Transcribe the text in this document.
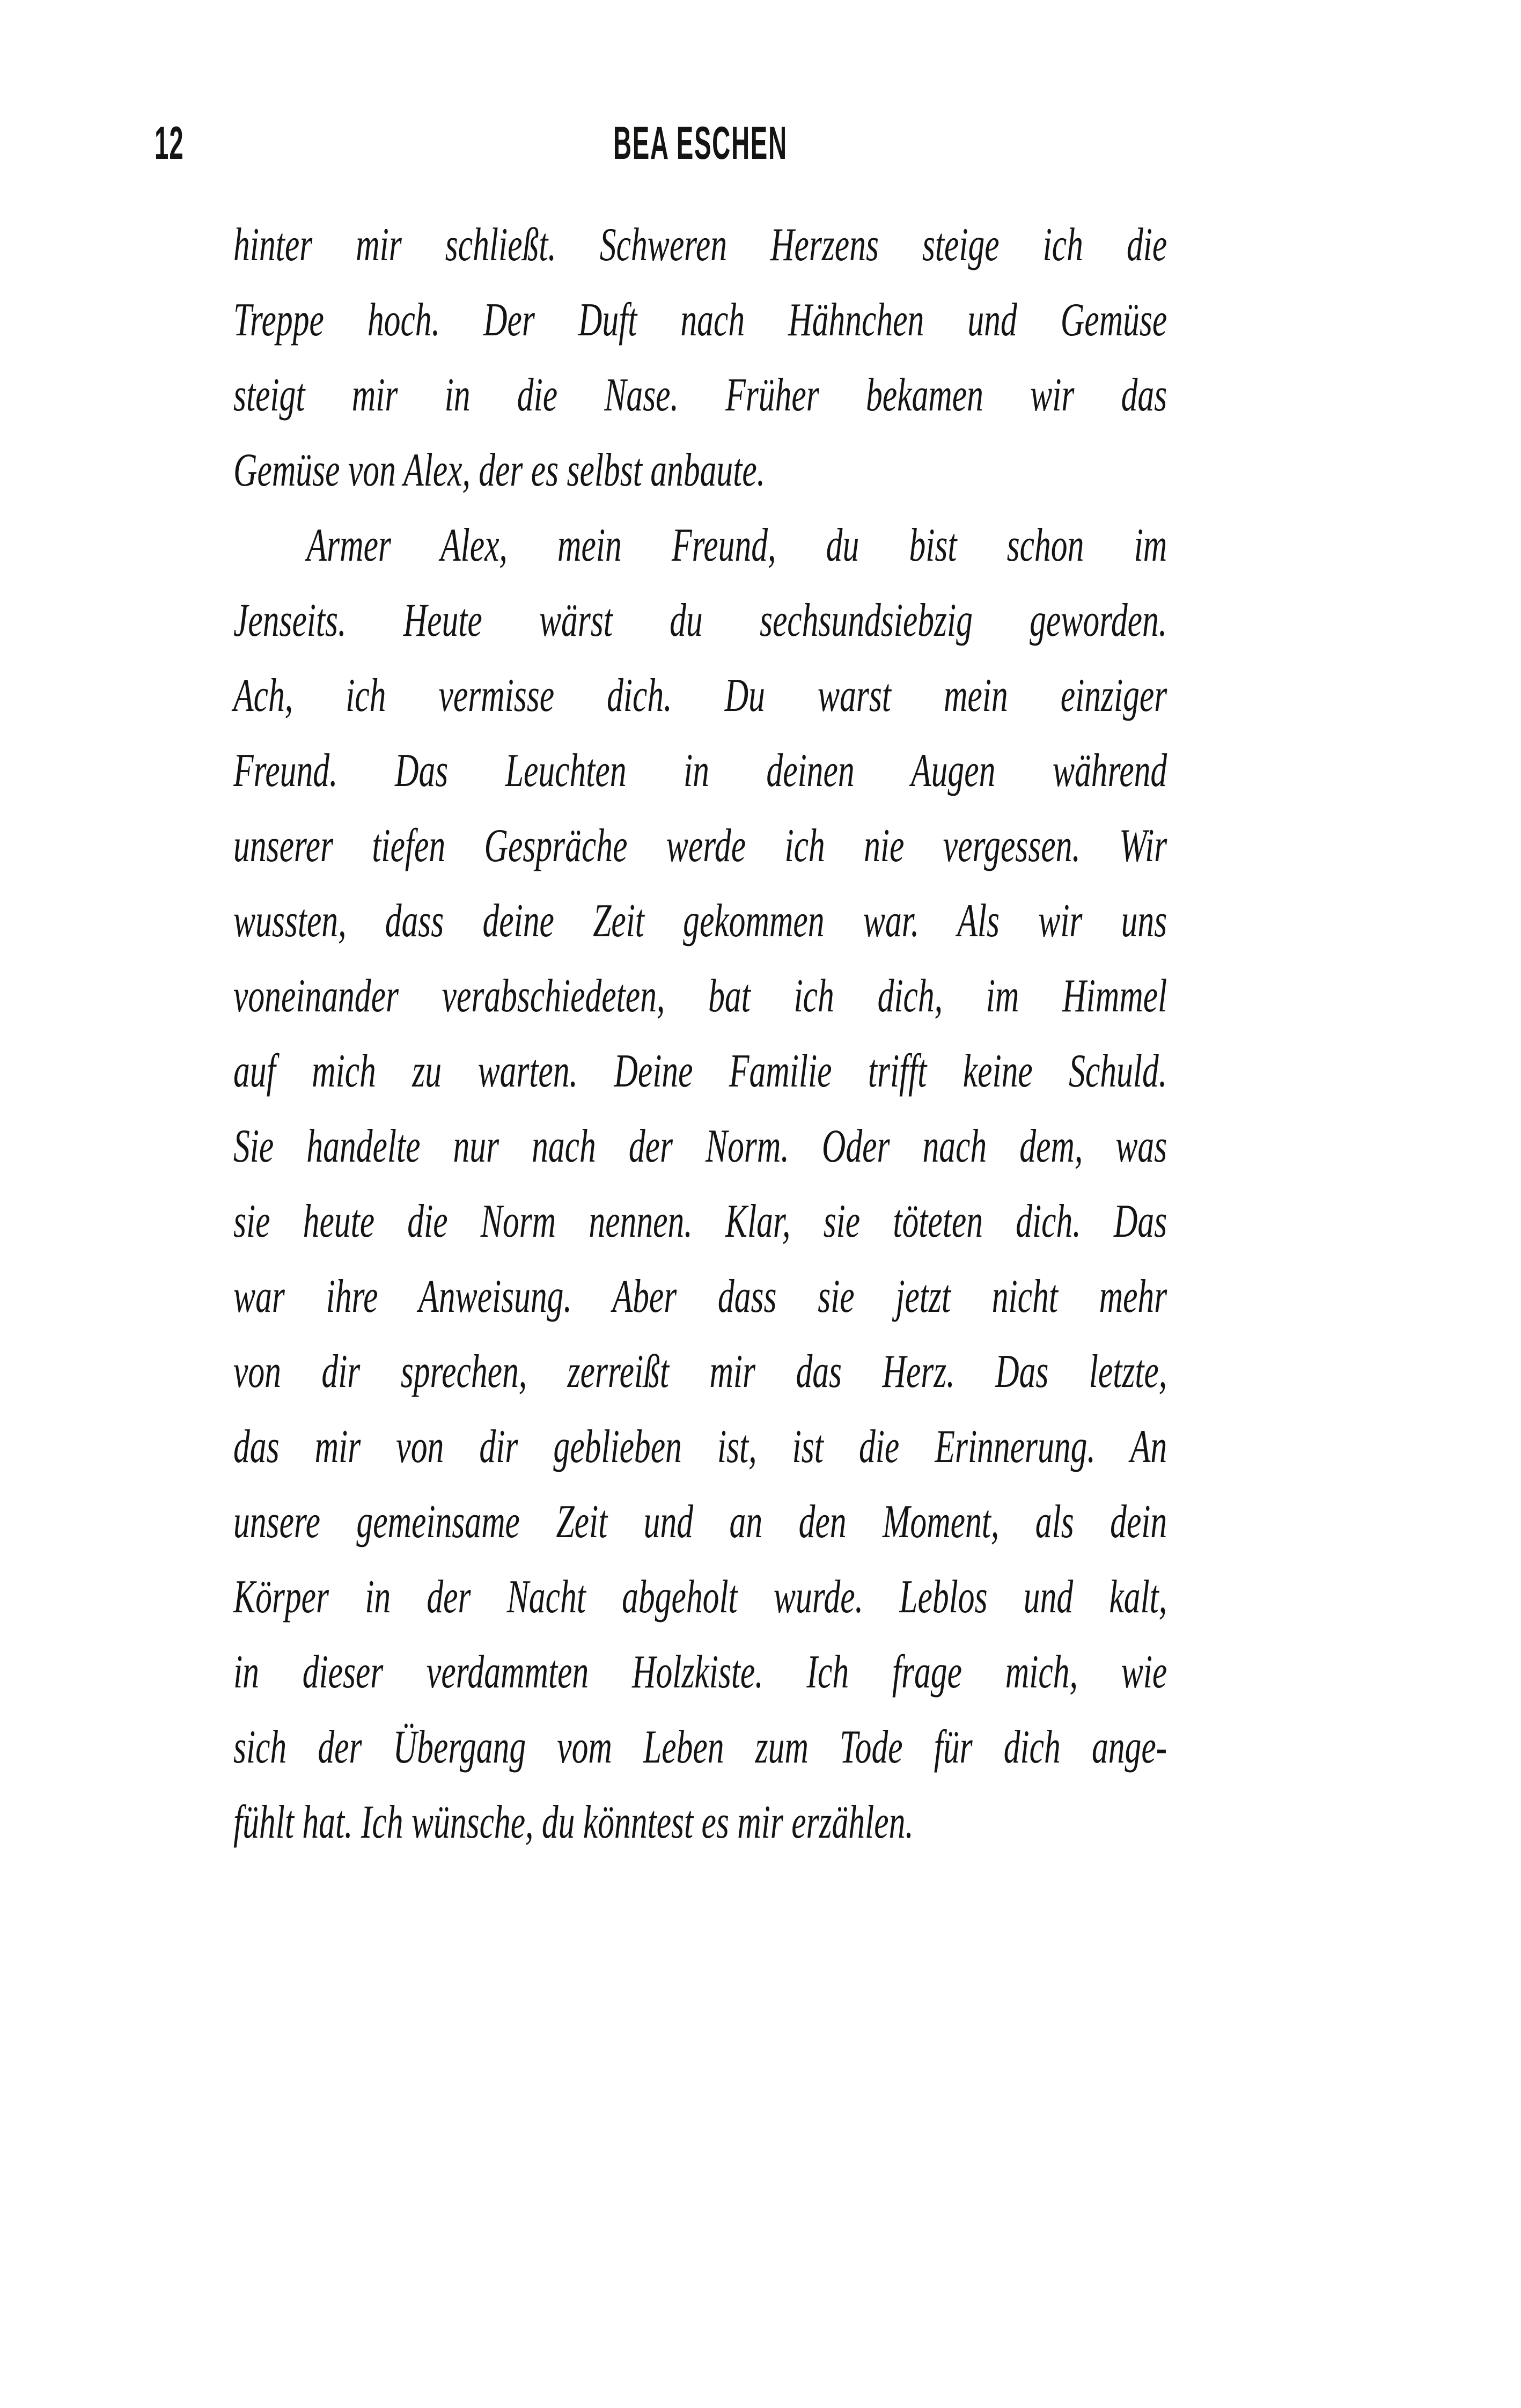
12	BEA ESCHEN
hinter mir schließt. Schweren Herzens steige ich die
Treppe hoch. Der Duft nach Hähnchen und Gemüse
steigt mir in die Nase. Früher bekamen wir das
Gemüse von Alex, der es selbst anbaute.
Armer Alex, mein Freund, du bist schon im
Jenseits. Heute wärst du sechsundsiebzig geworden.
Ach, ich vermisse dich. Du warst mein einziger
Freund. Das Leuchten in deinen Augen während
unserer tiefen Gespräche werde ich nie vergessen. Wir
wussten, dass deine Zeit gekommen war. Als wir uns
voneinander verabschiedeten, bat ich dich, im Himmel
auf mich zu warten. Deine Familie trifft keine Schuld.
Sie handelte nur nach der Norm. Oder nach dem, was
sie heute die Norm nennen. Klar, sie töteten dich. Das
war ihre Anweisung. Aber dass sie jetzt nicht mehr
von dir sprechen, zerreißt mir das Herz. Das letzte,
das mir von dir geblieben ist, ist die Erinnerung. An
unsere gemeinsame Zeit und an den Moment, als dein
Körper in der Nacht abgeholt wurde. Leblos und kalt,
in dieser verdammten Holzkiste. Ich frage mich, wie
sich der Übergang vom Leben zum Tode für dich ange-
fühlt hat. Ich wünsche, du könntest es mir erzählen.
